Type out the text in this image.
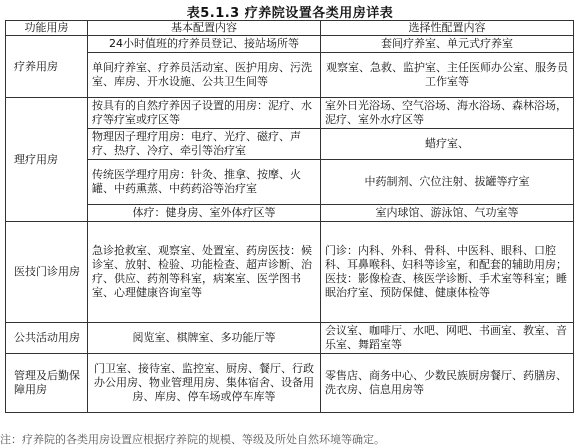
表5.1.3 疗养院设置各类用房详表
功能用房	基本配置内容	选择性配置内容
疗养用房	24小时值班的疗养员登记、接站场所等	套间疗养室、单元式疗养室
	单间疗养室、疗养员活动室、医护用房、污洗室、库房、开水设施、公共卫生间等	观察室、急救、监护室、主任医师办公室、服务员工作室等
理疗用房	按具有的自然疗养因子设置的用房：泥疗、水疗等疗室或疗区等	室外日光浴场、空气浴场、海水浴场、森林浴场，泥疗、室外水疗区等
	物理因子理疗用房：电疗、光疗、磁疗、声疗、热疗、冷疗、牵引等治疗室	蜡疗室、
	传统医学理疗用房：针灸、推拿、按摩、火罐、中药熏蒸、中药药浴等治疗室	中药制剂、穴位注射、拔罐等疗室
	体疗：健身房、室外体疗区等	室内球馆、游泳馆、气功室等
医技门诊用房	急诊抢救室、观察室、处置室、药房医技：候诊室、放射、检验、功能检查、超声诊断、治疗、供应、药剂等科室，病案室、医学图书室、心理健康咨询室等	门诊：内科、外科、骨科、中医科、眼科、口腔科、耳鼻喉科、妇科等诊室，和配套的辅助用房；医技：影像检查、核医学诊断、手术室等科室；睡眠治疗室、预防保健、健康体检等
公共活动用房	阅览室、棋牌室、多功能厅等	会议室、咖啡厅、水吧、网吧、书画室、教室、音乐室、舞蹈室等
管理及后勤保障用房	门卫室、接待室、监控室、厨房、餐厅、行政办公用房、物业管理用房、集体宿舍、设备用房、库房、停车场或停车库等	零售店、商务中心、少数民族厨房餐厅、药膳房、洗衣房、信息用房等
注：疗养院的各类用房设置应根据疗养院的规模、等级及所处自然环境等确定。
